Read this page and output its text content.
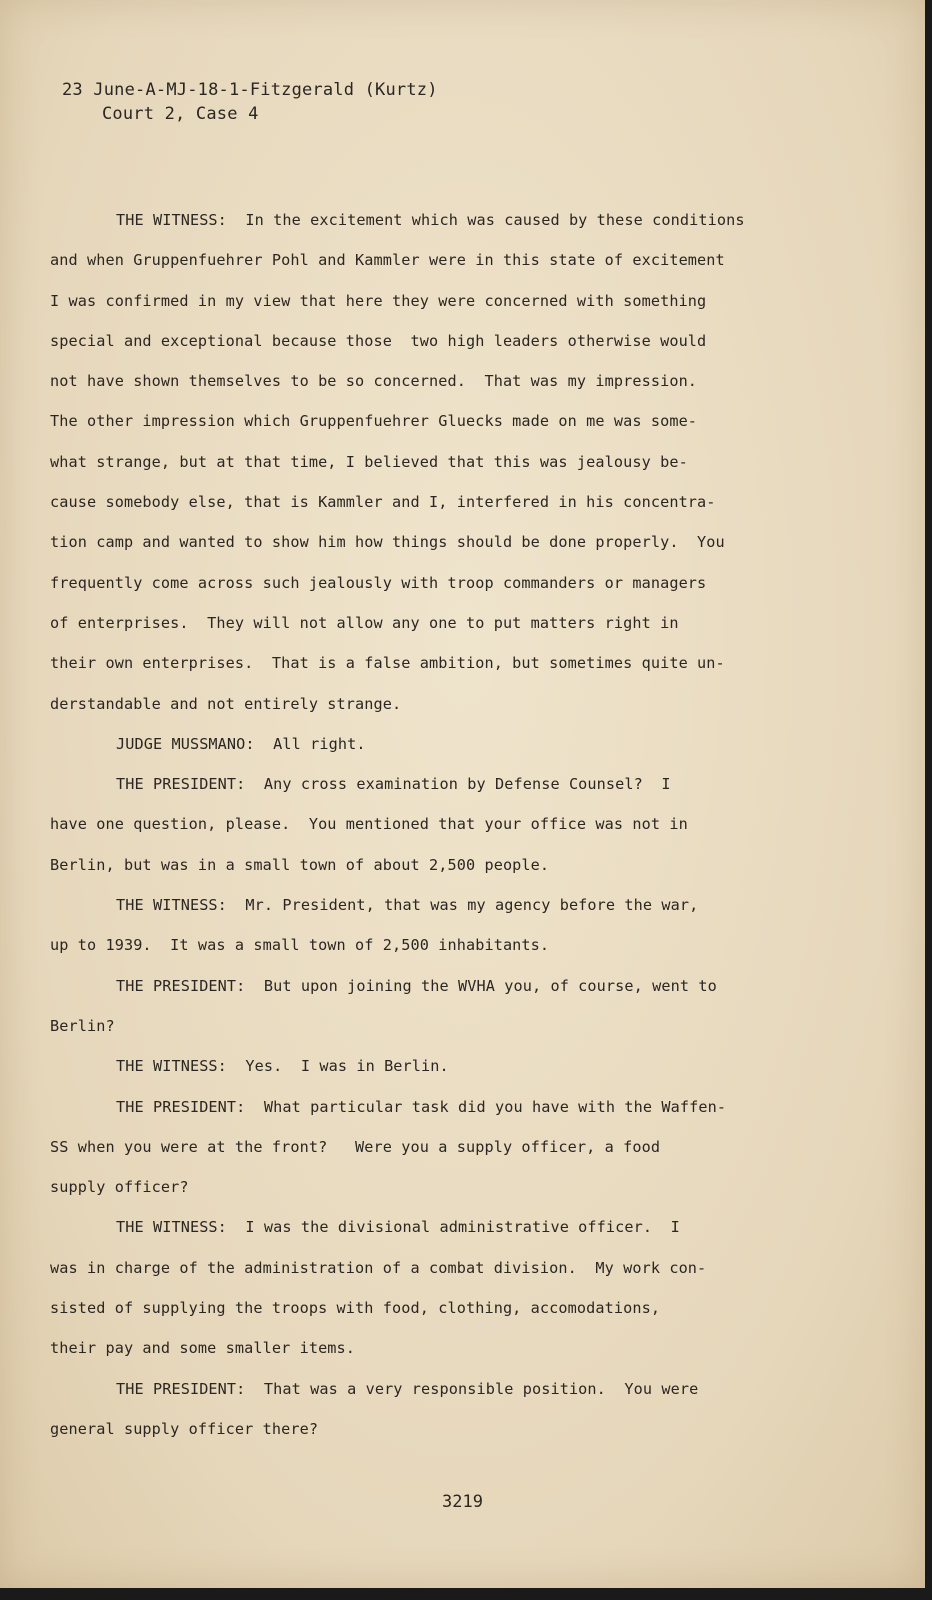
23 June-A-MJ-18-1-Fitzgerald (Kurtz)
Court 2, Case 4
THE WITNESS:  In the excitement which was caused by these conditions
and when Gruppenfuehrer Pohl and Kammler were in this state of excitement
I was confirmed in my view that here they were concerned with something
special and exceptional because those  two high leaders otherwise would
not have shown themselves to be so concerned.  That was my impression.
The other impression which Gruppenfuehrer Gluecks made on me was some-
what strange, but at that time, I believed that this was jealousy be-
cause somebody else, that is Kammler and I, interfered in his concentra-
tion camp and wanted to show him how things should be done properly.  You
frequently come across such jealously with troop commanders or managers
of enterprises.  They will not allow any one to put matters right in
their own enterprises.  That is a false ambition, but sometimes quite un-
derstandable and not entirely strange.
JUDGE MUSSMANO:  All right.
THE PRESIDENT:  Any cross examination by Defense Counsel?  I
have one question, please.  You mentioned that your office was not in
Berlin, but was in a small town of about 2,500 people.
THE WITNESS:  Mr. President, that was my agency before the war,
up to 1939.  It was a small town of 2,500 inhabitants.
THE PRESIDENT:  But upon joining the WVHA you, of course, went to
Berlin?
THE WITNESS:  Yes.  I was in Berlin.
THE PRESIDENT:  What particular task did you have with the Waffen-
SS when you were at the front?   Were you a supply officer, a food
supply officer?
THE WITNESS:  I was the divisional administrative officer.  I
was in charge of the administration of a combat division.  My work con-
sisted of supplying the troops with food, clothing, accomodations,
their pay and some smaller items.
THE PRESIDENT:  That was a very responsible position.  You were
general supply officer there?
3219
